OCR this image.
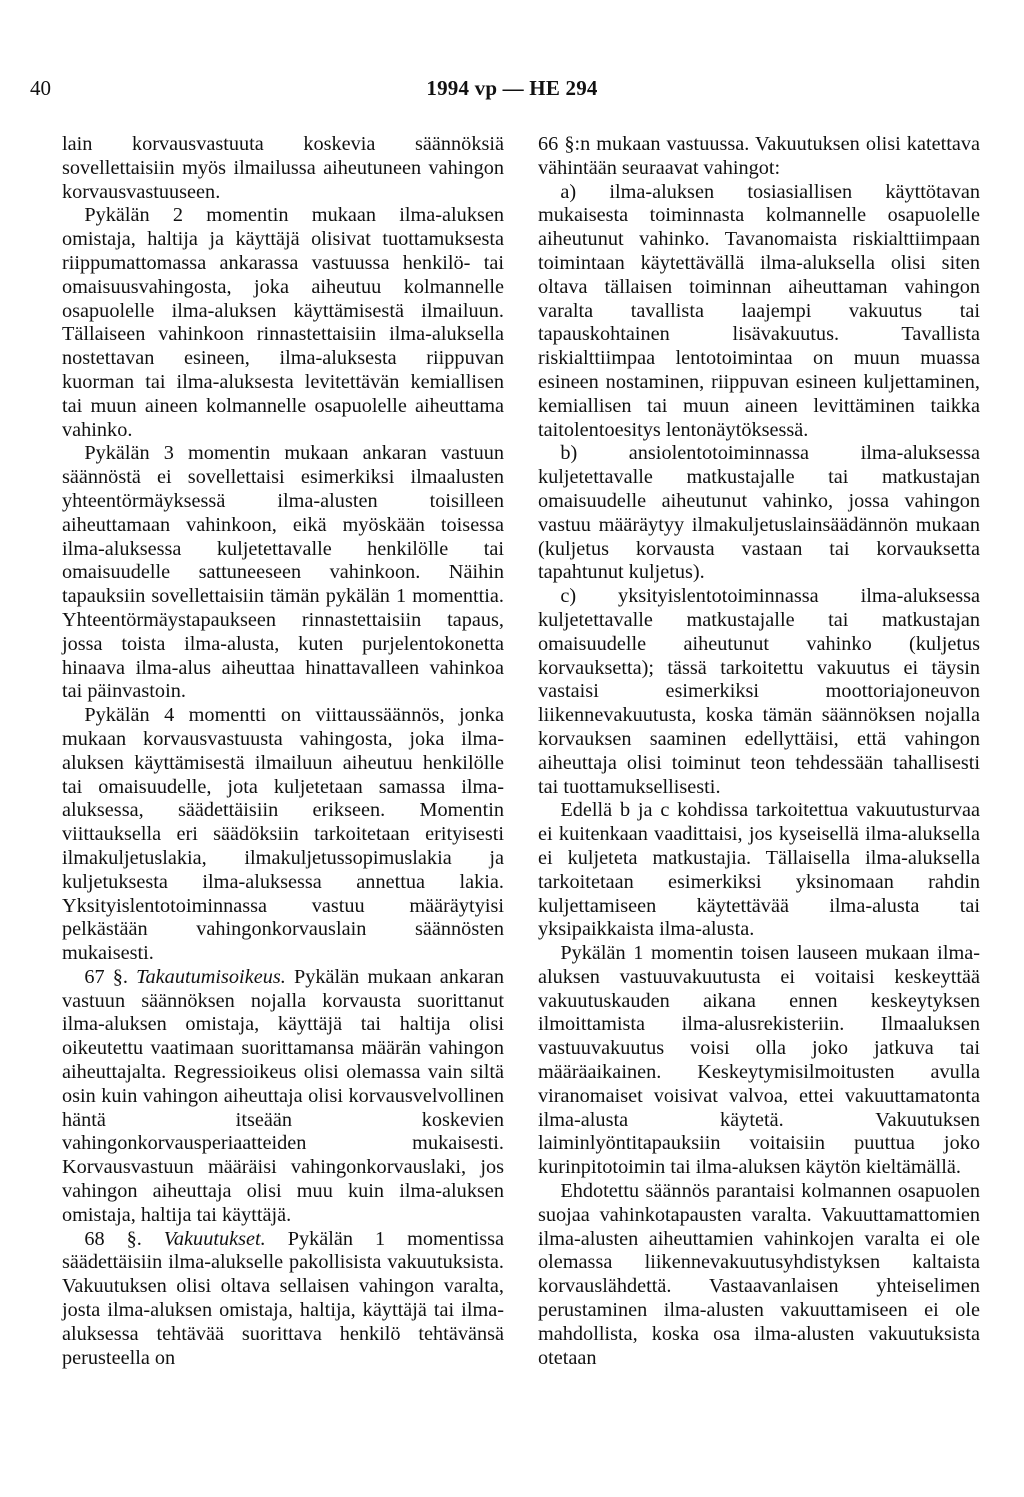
40	1994 vp — HE 294

lain korvausvastuuta koskevia säännöksiä sovellettaisiin myös ilmailussa aiheutuneen vahingon korvausvastuuseen.

Pykälän 2 momentin mukaan ilma-aluksen omistaja, haltija ja käyttäjä olisivat tuottamuksesta riippumattomassa ankarassa vastuussa henkilö- tai omaisuusvahingosta, joka aiheutuu kolmannelle osapuolelle ilma-aluksen käyttämisestä ilmailuun. Tällaiseen vahinkoon rinnastettaisiin ilma-aluksella nostettavan esineen, ilma-aluksesta riippuvan kuorman tai ilma-aluksesta levitettävän kemiallisen tai muun aineen kolmannelle osapuolelle aiheuttama vahinko.

Pykälän 3 momentin mukaan ankaran vastuun säännöstä ei sovellettaisi esimerkiksi ilmaalusten yhteentörmäyksessä ilma-alusten toisilleen aiheuttamaan vahinkoon, eikä myöskään toisessa ilma-aluksessa kuljetettavalle henkilölle tai omaisuudelle sattuneeseen vahinkoon. Näihin tapauksiin sovellettaisiin tämän pykälän 1 momenttia. Yhteentörmäystapaukseen rinnastettaisiin tapaus, jossa toista ilma-alusta, kuten purjelentokonetta hinaava ilma-alus aiheuttaa hinattavalleen vahinkoa tai päinvastoin.

Pykälän 4 momentti on viittaussäännös, jonka mukaan korvausvastuusta vahingosta, joka ilma-aluksen käyttämisestä ilmailuun aiheutuu henkilölle tai omaisuudelle, jota kuljetetaan samassa ilma-aluksessa, säädettäisiin erikseen. Momentin viittauksella eri säädöksiin tarkoitetaan erityisesti ilmakuljetuslakia, ilmakuljetussopimuslakia ja kuljetuksesta ilma-aluksessa annettua lakia. Yksityislentotoiminnassa vastuu määräytyisi pelkästään vahingonkorvauslain säännösten mukaisesti.

67 §. Takautumisoikeus. Pykälän mukaan ankaran vastuun säännöksen nojalla korvausta suorittanut ilma-aluksen omistaja, käyttäjä tai haltija olisi oikeutettu vaatimaan suorittamansa määrän vahingon aiheuttajalta. Regressioikeus olisi olemassa vain siltä osin kuin vahingon aiheuttaja olisi korvausvelvollinen häntä itseään koskevien vahingonkorvausperiaatteiden mukaisesti. Korvausvastuun määräisi vahingonkorvauslaki, jos vahingon aiheuttaja olisi muu kuin ilma-aluksen omistaja, haltija tai käyttäjä.

68 §. Vakuutukset. Pykälän 1 momentissa säädettäisiin ilma-alukselle pakollisista vakuutuksista. Vakuutuksen olisi oltava sellaisen vahingon varalta, josta ilma-aluksen omistaja, haltija, käyttäjä tai ilma-aluksessa tehtävää suorittava henkilö tehtävänsä perusteella on

66 §:n mukaan vastuussa. Vakuutuksen olisi katettava vähintään seuraavat vahingot:

a) ilma-aluksen tosiasiallisen käyttötavan mukaisesta toiminnasta kolmannelle osapuolelle aiheutunut vahinko. Tavanomaista riskialttiimpaan toimintaan käytettävällä ilma-aluksella olisi siten oltava tällaisen toiminnan aiheuttaman vahingon varalta tavallista laajempi vakuutus tai tapauskohtainen lisävakuutus. Tavallista riskialttiimpaa lentotoimintaa on muun muassa esineen nostaminen, riippuvan esineen kuljettaminen, kemiallisen tai muun aineen levittäminen taikka taitolentoesitys lentonäytöksessä.

b) ansiolentotoiminnassa ilma-aluksessa kuljetettavalle matkustajalle tai matkustajan omaisuudelle aiheutunut vahinko, jossa vahingon vastuu määräytyy ilmakuljetuslainsäädännön mukaan (kuljetus korvausta vastaan tai korvauksetta tapahtunut kuljetus).

c) yksityislentotoiminnassa ilma-aluksessa kuljetettavalle matkustajalle tai matkustajan omaisuudelle aiheutunut vahinko (kuljetus korvauksetta); tässä tarkoitettu vakuutus ei täysin vastaisi esimerkiksi moottoriajoneuvon liikennevakuutusta, koska tämän säännöksen nojalla korvauksen saaminen edellyttäisi, että vahingon aiheuttaja olisi toiminut teon tehdessään tahallisesti tai tuottamuksellisesti.

Edellä b ja c kohdissa tarkoitettua vakuutusturvaa ei kuitenkaan vaadittaisi, jos kyseisellä ilma-aluksella ei kuljeteta matkustajia. Tällaisella ilma-aluksella tarkoitetaan esimerkiksi yksinomaan rahdin kuljettamiseen käytettävää ilma-alusta tai yksipaikkaista ilma-alusta.

Pykälän 1 momentin toisen lauseen mukaan ilma-aluksen vastuuvakuutusta ei voitaisi keskeyttää vakuutuskauden aikana ennen keskeytyksen ilmoittamista ilma-alusrekisteriin. Ilmaaluksen vastuuvakuutus voisi olla joko jatkuva tai määräaikainen. Keskeytymisilmoitusten avulla viranomaiset voisivat valvoa, ettei vakuuttamatonta ilma-alusta käytetä. Vakuutuksen laiminlyöntitapauksiin voitaisiin puuttua joko kurinpitotoimin tai ilma-aluksen käytön kieltämällä.

Ehdotettu säännös parantaisi kolmannen osapuolen suojaa vahinkotapausten varalta. Vakuuttamattomien ilma-alusten aiheuttamien vahinkojen varalta ei ole olemassa liikennevakuutusyhdistyksen kaltaista korvauslähdettä. Vastaavanlaisen yhteiselimen perustaminen ilma-alusten vakuuttamiseen ei ole mahdollista, koska osa ilma-alusten vakuutuksista otetaan
